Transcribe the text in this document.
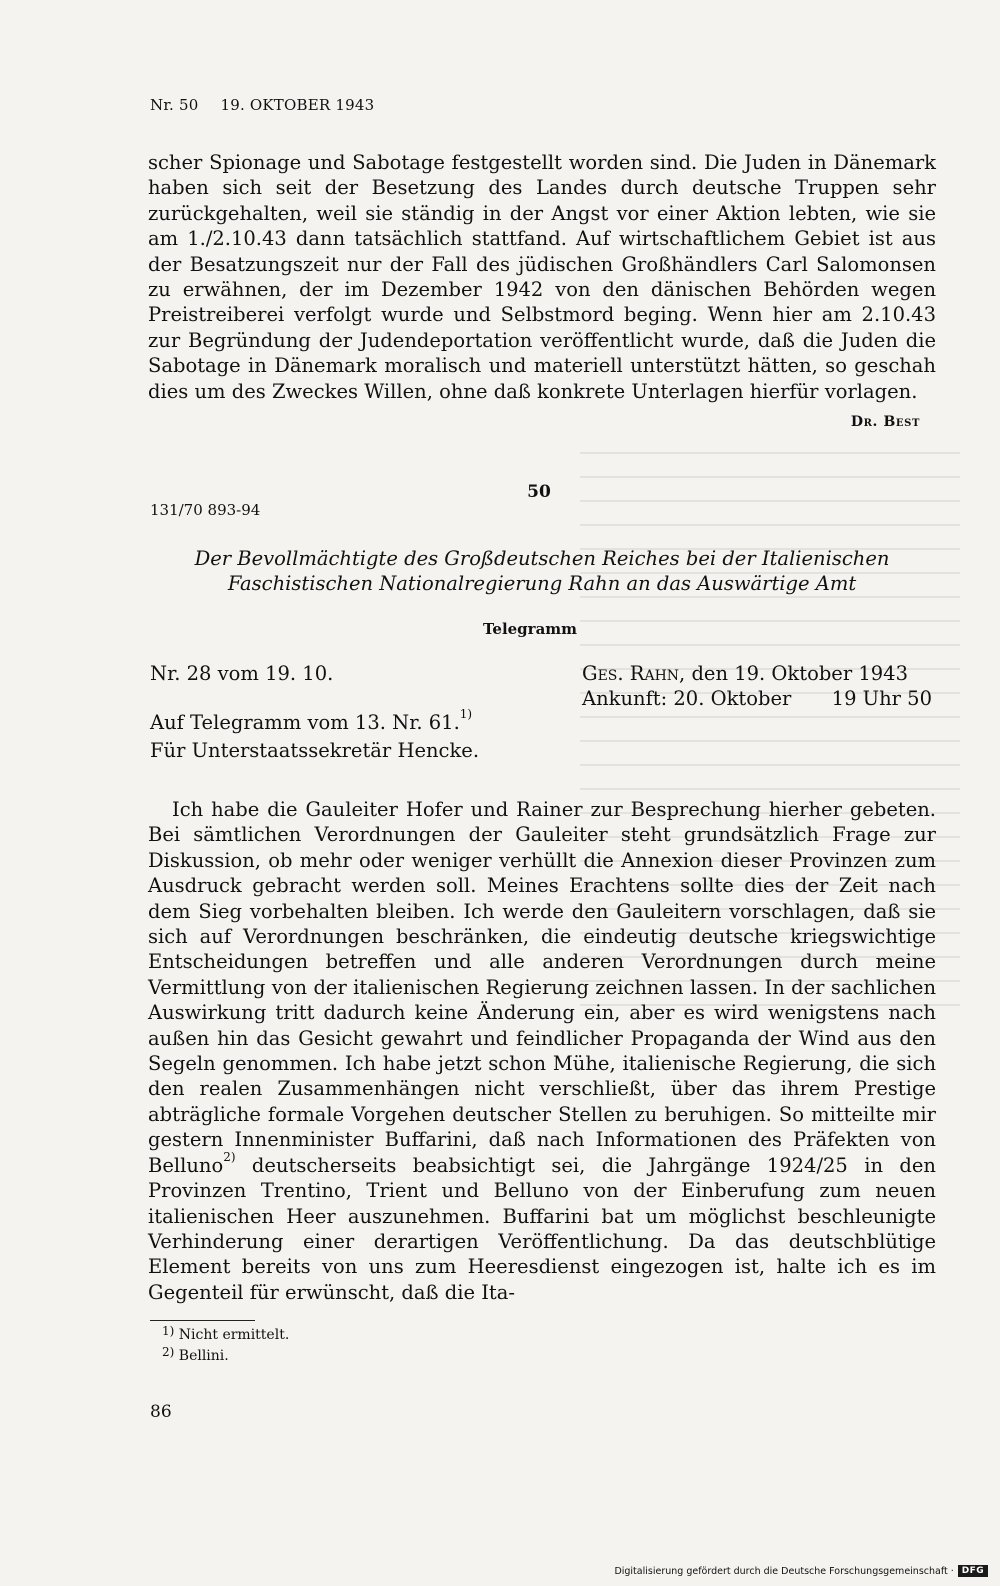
Nr. 50 19. OKTOBER 1943
scher Spionage und Sabotage festgestellt worden sind. Die Juden in Dänemark haben sich seit der Besetzung des Landes durch deutsche Truppen sehr zurückgehalten, weil sie ständig in der Angst vor einer Aktion lebten, wie sie am 1./2.10.43 dann tatsächlich stattfand. Auf wirtschaftlichem Gebiet ist aus der Besatzungszeit nur der Fall des jüdischen Großhändlers Carl Salomonsen zu erwähnen, der im Dezember 1942 von den dänischen Behörden wegen Preistreiberei verfolgt wurde und Selbstmord beging. Wenn hier am 2.10.43 zur Begründung der Judendeportation veröffentlicht wurde, daß die Juden die Sabotage in Dänemark moralisch und materiell unterstützt hätten, so geschah dies um des Zweckes Willen, ohne daß konkrete Unterlagen hierfür vorlagen.
Dr. Best
50
131/70 893-94
Der Bevollmächtigte des Großdeutschen Reiches bei der Italienischen Faschistischen Nationalregierung Rahn an das Auswärtige Amt
Telegramm
Nr. 28 vom 19. 10.	Ges. Rahn, den 19. Oktober 1943
Ankunft: 20. Oktober 19 Uhr 50
Auf Telegramm vom 13. Nr. 61.$^{1)}$
Für Unterstaatssekretär Hencke.
Ich habe die Gauleiter Hofer und Rainer zur Besprechung hierher gebeten. Bei sämtlichen Verordnungen der Gauleiter steht grundsätzlich Frage zur Diskussion, ob mehr oder weniger verhüllt die Annexion dieser Provinzen zum Ausdruck gebracht werden soll. Meines Erachtens sollte dies der Zeit nach dem Sieg vorbehalten bleiben. Ich werde den Gauleitern vorschlagen, daß sie sich auf Verordnungen beschränken, die eindeutig deutsche kriegswichtige Entscheidungen betreffen und alle anderen Verordnungen durch meine Vermittlung von der italienischen Regierung zeichnen lassen. In der sachlichen Auswirkung tritt dadurch keine Änderung ein, aber es wird wenigstens nach außen hin das Gesicht gewahrt und feindlicher Propaganda der Wind aus den Segeln genommen. Ich habe jetzt schon Mühe, italienische Regierung, die sich den realen Zusammenhängen nicht verschließt, über das ihrem Prestige abträgliche formale Vorgehen deutscher Stellen zu beruhigen. So mitteilte mir gestern Innenminister Buffarini, daß nach Informationen des Präfekten von Belluno$^{2)}$ deutscherseits beabsichtigt sei, die Jahrgänge 1924/25 in den Provinzen Trentino, Trient und Belluno von der Einberufung zum neuen italienischen Heer auszunehmen. Buffarini bat um möglichst beschleunigte Verhinderung einer derartigen Veröffentlichung. Da das deutschblütige Element bereits von uns zum Heeresdienst eingezogen ist, halte ich es im Gegenteil für erwünscht, daß die Ita-
$^{1)}$ Nicht ermittelt.
$^{2)}$ Bellini.
86
Digitalisierung gefördert durch die Deutsche Forschungsgemeinschaft · DFG
